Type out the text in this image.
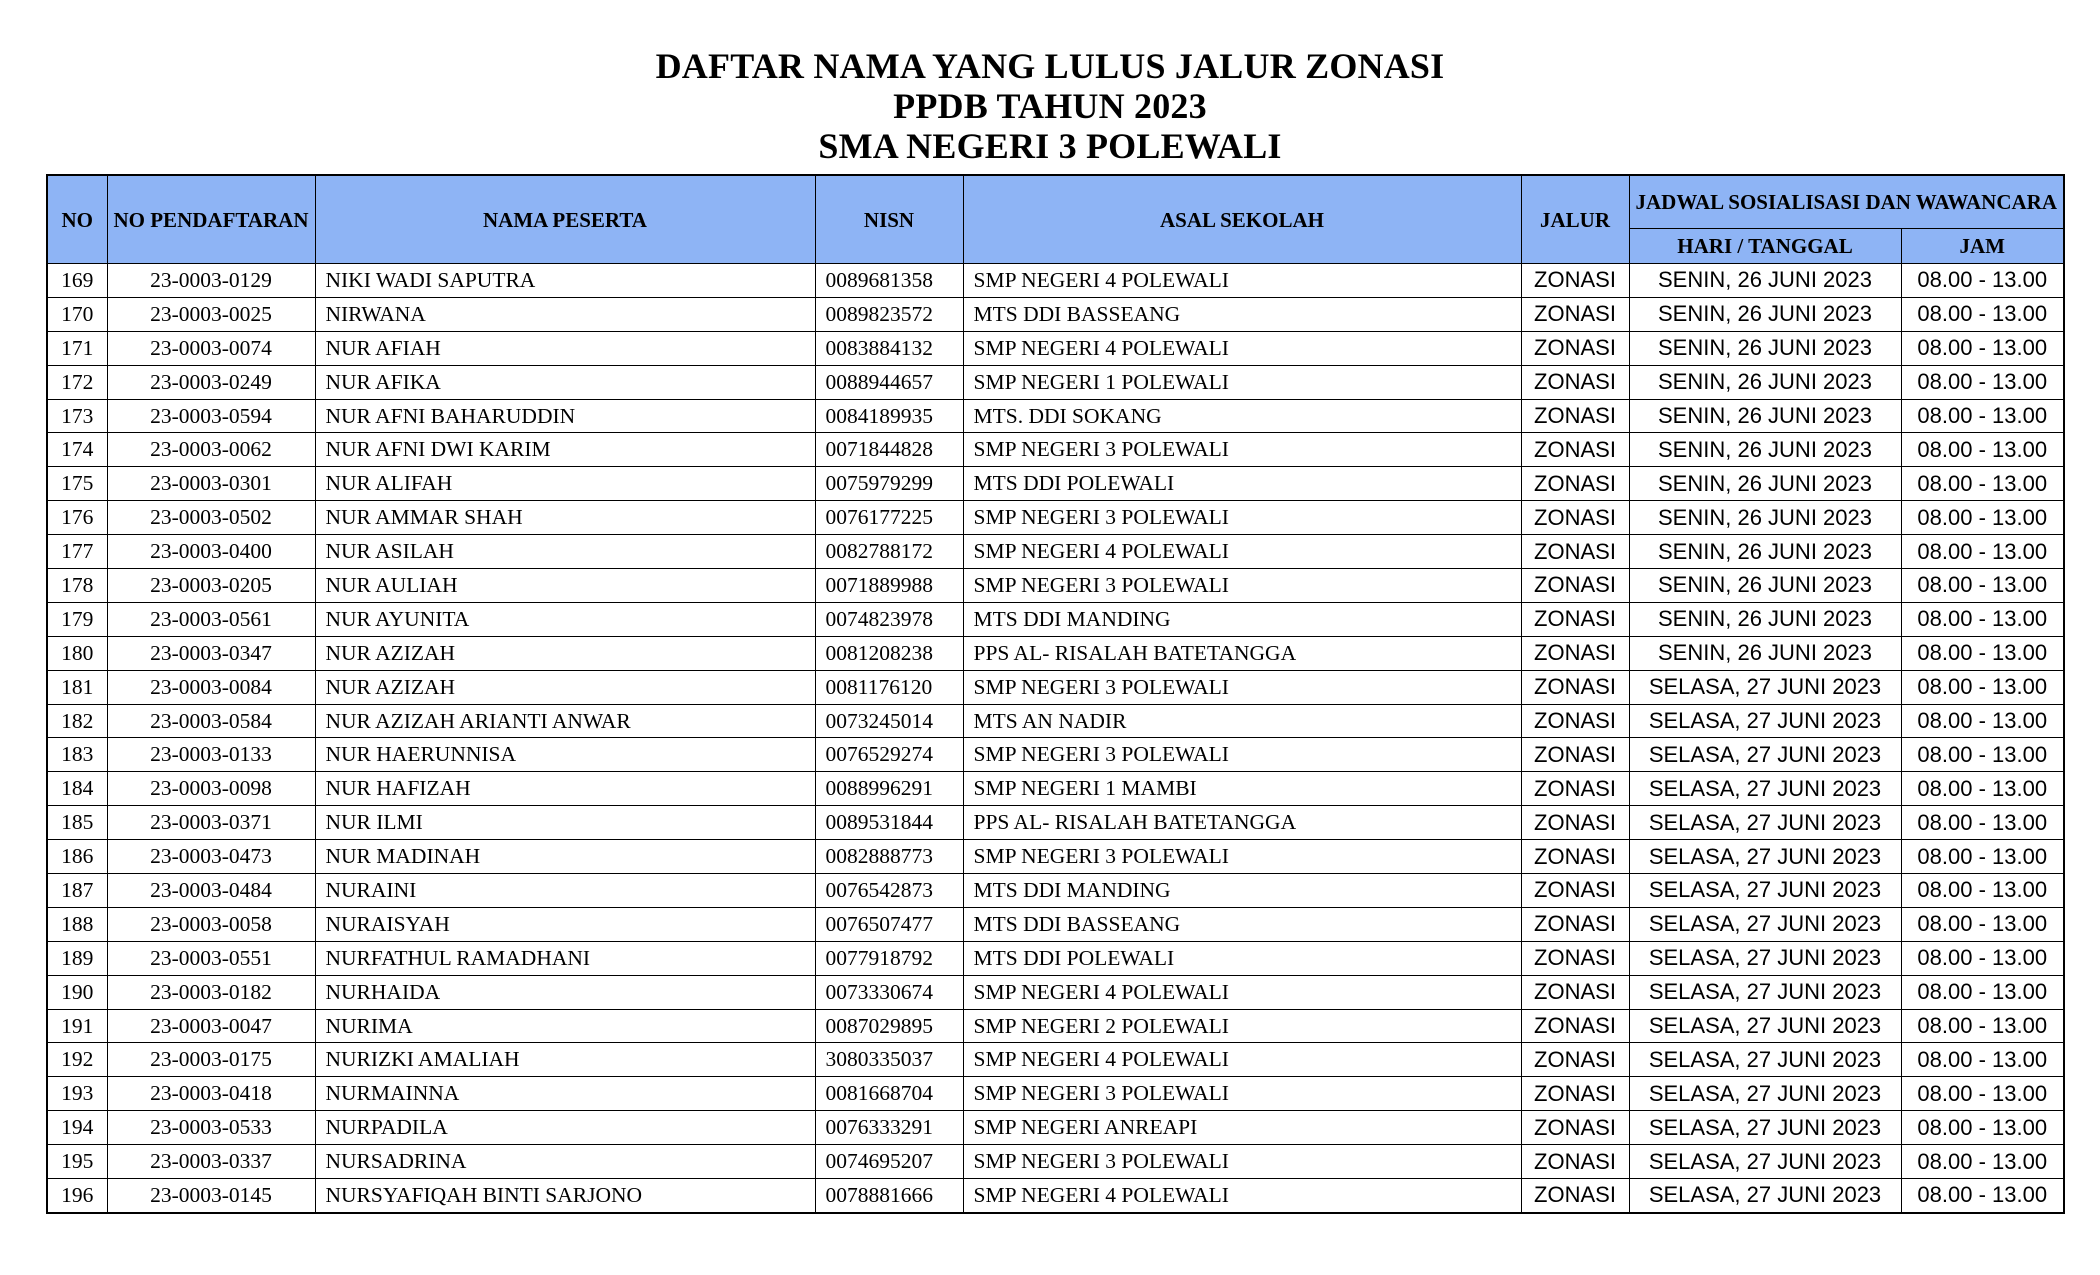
DAFTAR NAMA YANG LULUS JALUR ZONASI
PPDB TAHUN 2023
SMA NEGERI 3 POLEWALI
NO	NO PENDAFTARAN	NAMA PESERTA	NISN	ASAL SEKOLAH	JALUR	JADWAL SOSIALISASI DAN WAWANCARA	
						HARI / TANGGAL	JAM
169	23-0003-0129	NIKI WADI SAPUTRA	0089681358	SMP NEGERI 4 POLEWALI	ZONASI	SENIN, 26 JUNI 2023	08.00 - 13.00
170	23-0003-0025	NIRWANA	0089823572	MTS DDI BASSEANG	ZONASI	SENIN, 26 JUNI 2023	08.00 - 13.00
171	23-0003-0074	NUR AFIAH	0083884132	SMP NEGERI 4 POLEWALI	ZONASI	SENIN, 26 JUNI 2023	08.00 - 13.00
172	23-0003-0249	NUR AFIKA	0088944657	SMP NEGERI 1 POLEWALI	ZONASI	SENIN, 26 JUNI 2023	08.00 - 13.00
173	23-0003-0594	NUR AFNI BAHARUDDIN	0084189935	MTS. DDI SOKANG	ZONASI	SENIN, 26 JUNI 2023	08.00 - 13.00
174	23-0003-0062	NUR AFNI DWI KARIM	0071844828	SMP NEGERI 3 POLEWALI	ZONASI	SENIN, 26 JUNI 2023	08.00 - 13.00
175	23-0003-0301	NUR ALIFAH	0075979299	MTS DDI POLEWALI	ZONASI	SENIN, 26 JUNI 2023	08.00 - 13.00
176	23-0003-0502	NUR AMMAR SHAH	0076177225	SMP NEGERI 3 POLEWALI	ZONASI	SENIN, 26 JUNI 2023	08.00 - 13.00
177	23-0003-0400	NUR ASILAH	0082788172	SMP NEGERI 4 POLEWALI	ZONASI	SENIN, 26 JUNI 2023	08.00 - 13.00
178	23-0003-0205	NUR AULIAH	0071889988	SMP NEGERI 3 POLEWALI	ZONASI	SENIN, 26 JUNI 2023	08.00 - 13.00
179	23-0003-0561	NUR AYUNITA	0074823978	MTS DDI MANDING	ZONASI	SENIN, 26 JUNI 2023	08.00 - 13.00
180	23-0003-0347	NUR AZIZAH	0081208238	PPS AL- RISALAH BATETANGGA	ZONASI	SENIN, 26 JUNI 2023	08.00 - 13.00
181	23-0003-0084	NUR AZIZAH	0081176120	SMP NEGERI 3 POLEWALI	ZONASI	SELASA, 27 JUNI 2023	08.00 - 13.00
182	23-0003-0584	NUR AZIZAH ARIANTI ANWAR	0073245014	MTS AN NADIR	ZONASI	SELASA, 27 JUNI 2023	08.00 - 13.00
183	23-0003-0133	NUR HAERUNNISA	0076529274	SMP NEGERI 3 POLEWALI	ZONASI	SELASA, 27 JUNI 2023	08.00 - 13.00
184	23-0003-0098	NUR HAFIZAH	0088996291	SMP NEGERI 1 MAMBI	ZONASI	SELASA, 27 JUNI 2023	08.00 - 13.00
185	23-0003-0371	NUR ILMI	0089531844	PPS AL- RISALAH BATETANGGA	ZONASI	SELASA, 27 JUNI 2023	08.00 - 13.00
186	23-0003-0473	NUR MADINAH	0082888773	SMP NEGERI 3 POLEWALI	ZONASI	SELASA, 27 JUNI 2023	08.00 - 13.00
187	23-0003-0484	NURAINI	0076542873	MTS DDI MANDING	ZONASI	SELASA, 27 JUNI 2023	08.00 - 13.00
188	23-0003-0058	NURAISYAH	0076507477	MTS DDI BASSEANG	ZONASI	SELASA, 27 JUNI 2023	08.00 - 13.00
189	23-0003-0551	NURFATHUL RAMADHANI	0077918792	MTS DDI POLEWALI	ZONASI	SELASA, 27 JUNI 2023	08.00 - 13.00
190	23-0003-0182	NURHAIDA	0073330674	SMP NEGERI 4 POLEWALI	ZONASI	SELASA, 27 JUNI 2023	08.00 - 13.00
191	23-0003-0047	NURIMA	0087029895	SMP NEGERI 2 POLEWALI	ZONASI	SELASA, 27 JUNI 2023	08.00 - 13.00
192	23-0003-0175	NURIZKI AMALIAH	3080335037	SMP NEGERI 4 POLEWALI	ZONASI	SELASA, 27 JUNI 2023	08.00 - 13.00
193	23-0003-0418	NURMAINNA	0081668704	SMP NEGERI 3 POLEWALI	ZONASI	SELASA, 27 JUNI 2023	08.00 - 13.00
194	23-0003-0533	NURPADILA	0076333291	SMP NEGERI ANREAPI	ZONASI	SELASA, 27 JUNI 2023	08.00 - 13.00
195	23-0003-0337	NURSADRINA	0074695207	SMP NEGERI 3 POLEWALI	ZONASI	SELASA, 27 JUNI 2023	08.00 - 13.00
196	23-0003-0145	NURSYAFIQAH BINTI SARJONO	0078881666	SMP NEGERI 4 POLEWALI	ZONASI	SELASA, 27 JUNI 2023	08.00 - 13.00
